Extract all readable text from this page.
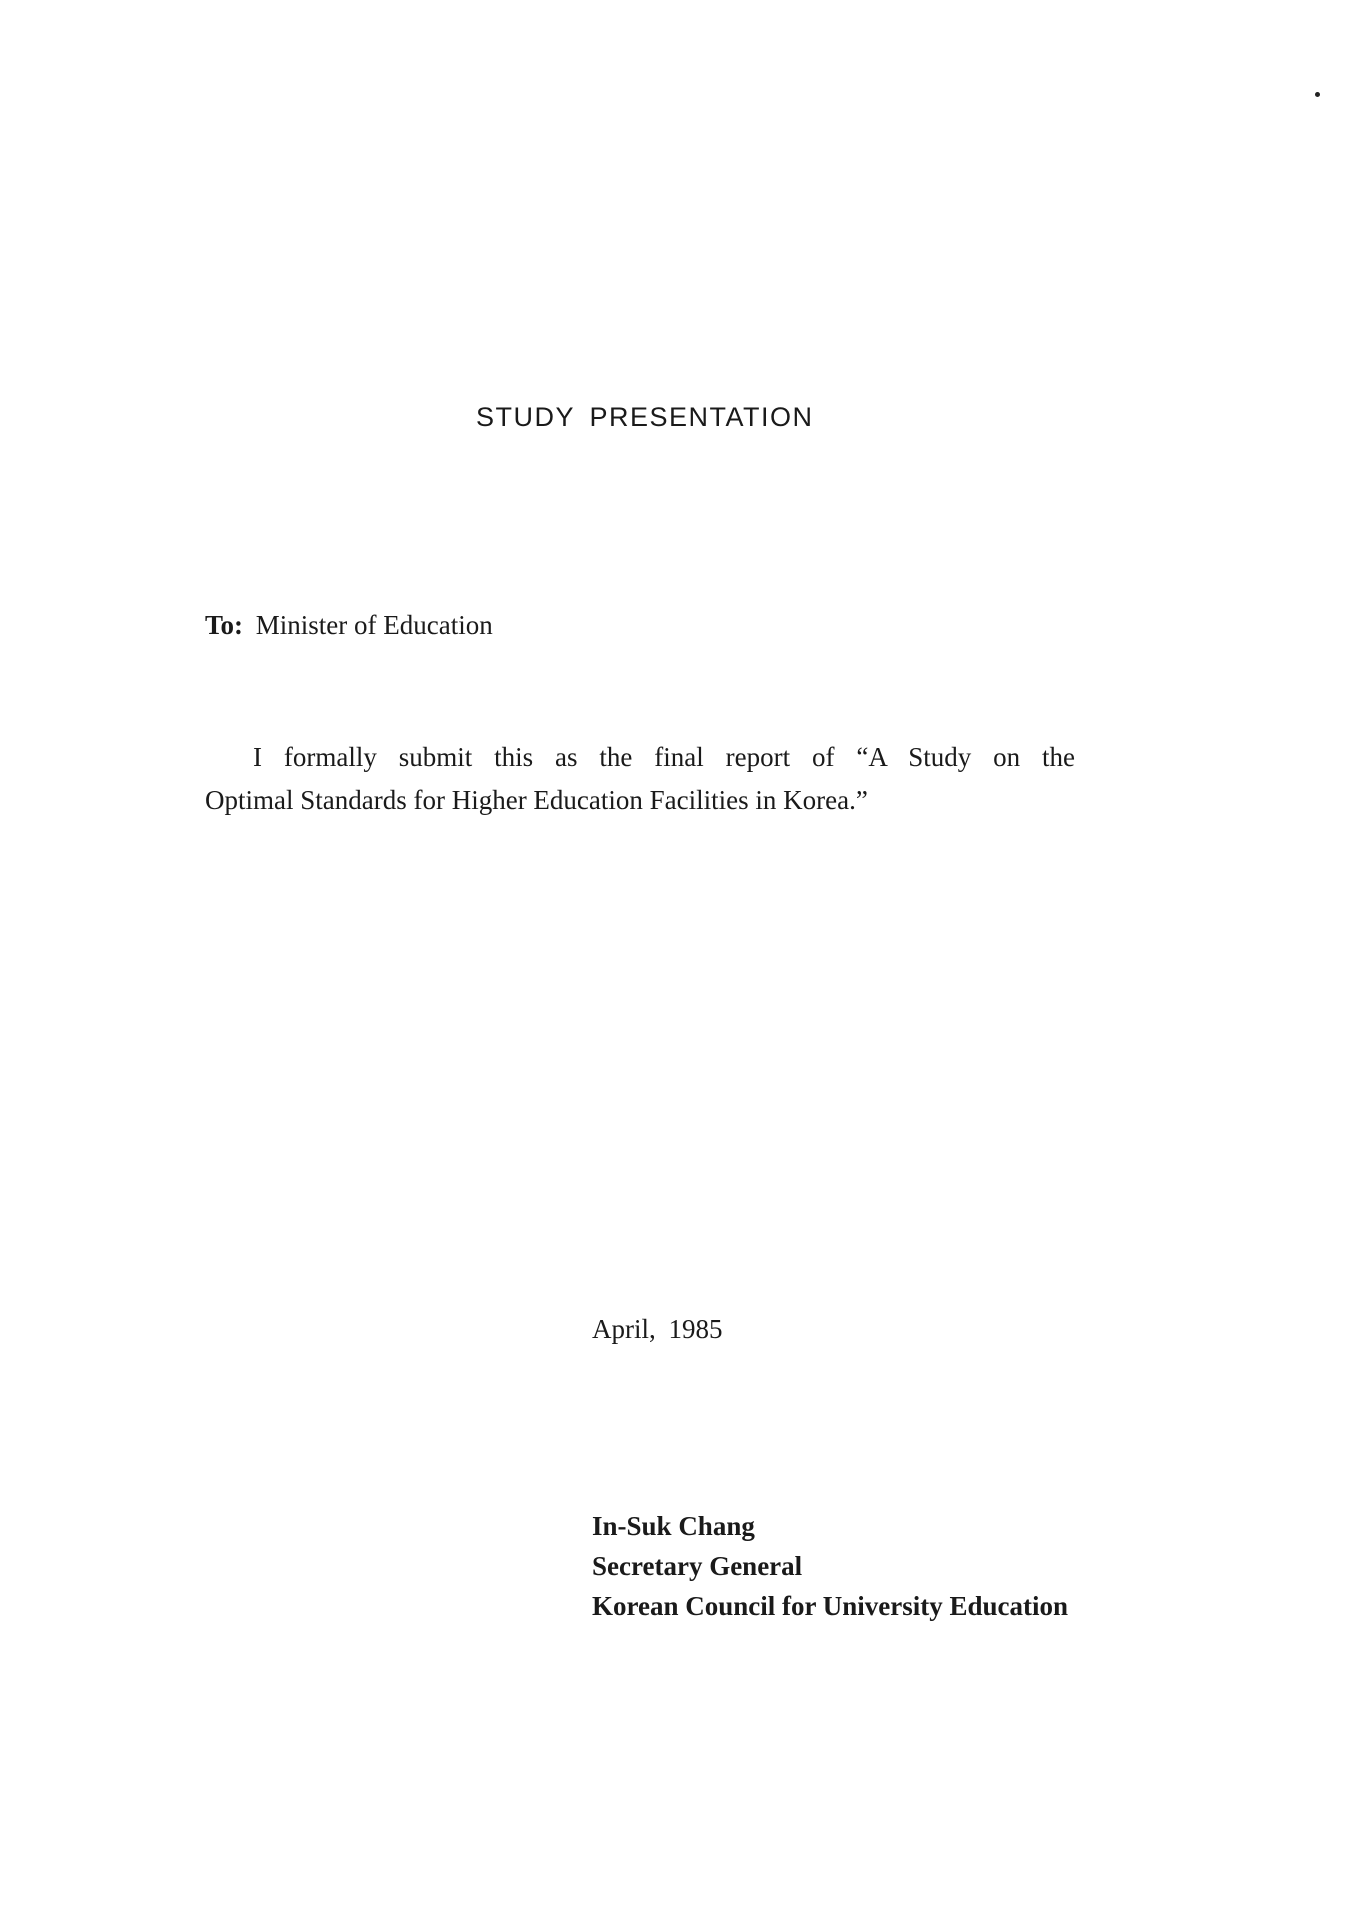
STUDY PRESENTATION
To: Minister of Education
I formally submit this as the final report of “A Study on the
Optimal Standards for Higher Education Facilities in Korea.”
April, 1985
In-Suk Chang
Secretary General
Korean Council for University Education
